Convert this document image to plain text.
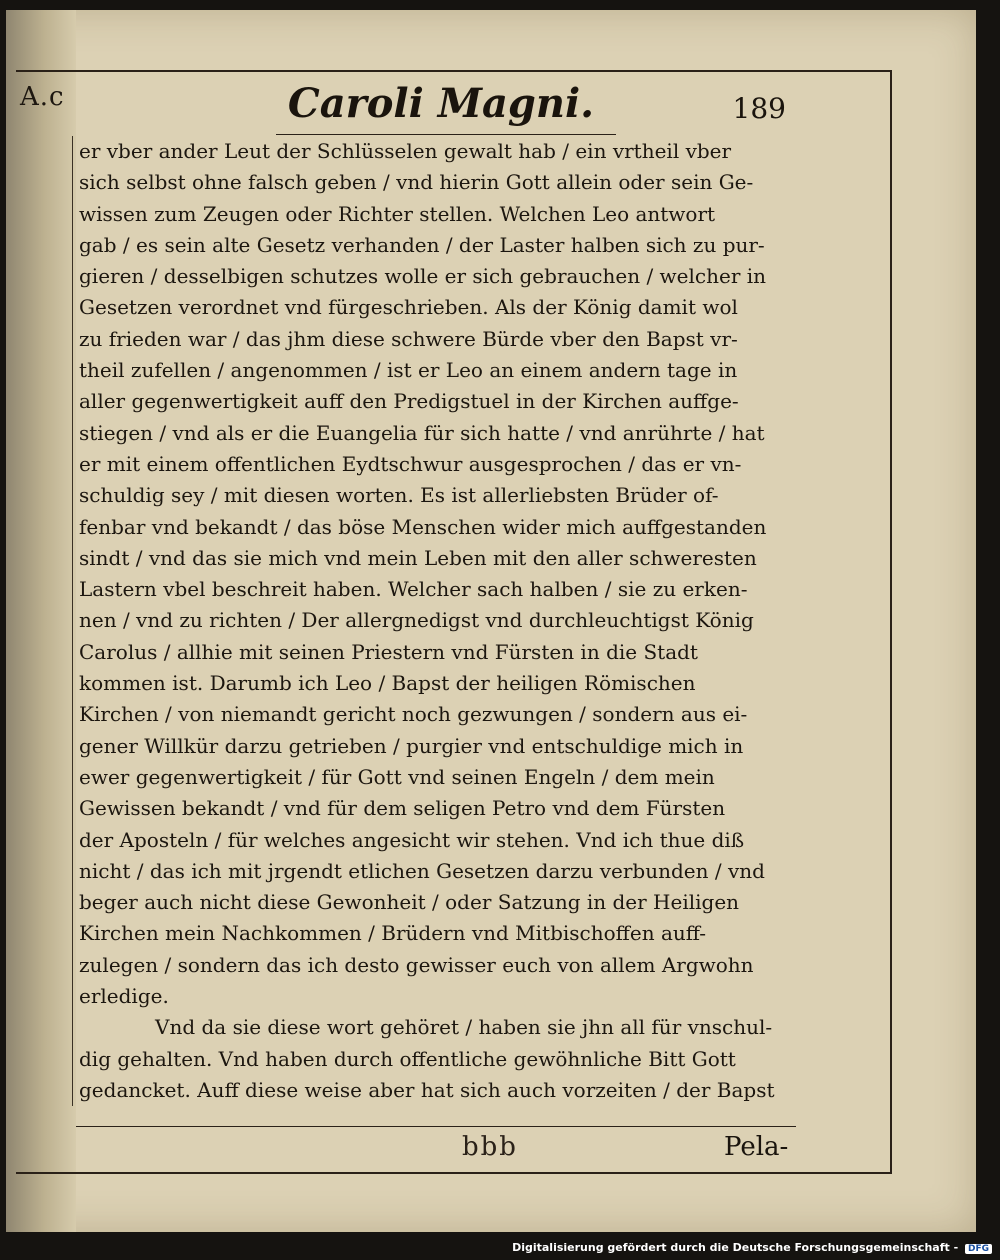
A.c	Caroli Magni.	189
er vber ander Leut der Schlüsselen gewalt hab / ein vrtheil vber
sich selbst ohne falsch geben / vnd hierin Gott allein oder sein Ge-
wissen zum Zeugen oder Richter stellen. Welchen Leo antwort
gab / es sein alte Gesetz verhanden / der Laster halben sich zu pur-
gieren / desselbigen schutzes wolle er sich gebrauchen / welcher in
Gesetzen verordnet vnd fürgeschrieben. Als der König damit wol
zu frieden war / das jhm diese schwere Bürde vber den Bapst vr-
theil zufellen / angenommen / ist er Leo an einem andern tage in
aller gegenwertigkeit auff den Predigstuel in der Kirchen auffge-
stiegen / vnd als er die Euangelia für sich hatte / vnd anrührte / hat
er mit einem offentlichen Eydtschwur ausgesprochen / das er vn-
schuldig sey / mit diesen worten. Es ist allerliebsten Brüder of-
fenbar vnd bekandt / das böse Menschen wider mich auffgestanden
sindt / vnd das sie mich vnd mein Leben mit den aller schweresten
Lastern vbel beschreit haben. Welcher sach halben / sie zu erken-
nen / vnd zu richten / Der allergnedigst vnd durchleuchtigst König
Carolus / allhie mit seinen Priestern vnd Fürsten in die Stadt
kommen ist. Darumb ich Leo / Bapst der heiligen Römischen
Kirchen / von niemandt gericht noch gezwungen / sondern aus ei-
gener Willkür darzu getrieben / purgier vnd entschuldige mich in
ewer gegenwertigkeit / für Gott vnd seinen Engeln / dem mein
Gewissen bekandt / vnd für dem seligen Petro vnd dem Fürsten
der Aposteln / für welches angesicht wir stehen. Vnd ich thue diß
nicht / das ich mit jrgendt etlichen Gesetzen darzu verbunden / vnd
beger auch nicht diese Gewonheit / oder Satzung in der Heiligen
Kirchen mein Nachkommen / Brüdern vnd Mitbischoffen auff-
zulegen / sondern das ich desto gewisser euch von allem Argwohn
erledige.
Vnd da sie diese wort gehöret / haben sie jhn all für vnschul-
dig gehalten. Vnd haben durch offentliche gewöhnliche Bitt Gott
gedancket. Auff diese weise aber hat sich auch vorzeiten / der Bapst
bbb	Pela-
Digitalisierung gefördert durch die Deutsche Forschungsgemeinschaft - DFG
